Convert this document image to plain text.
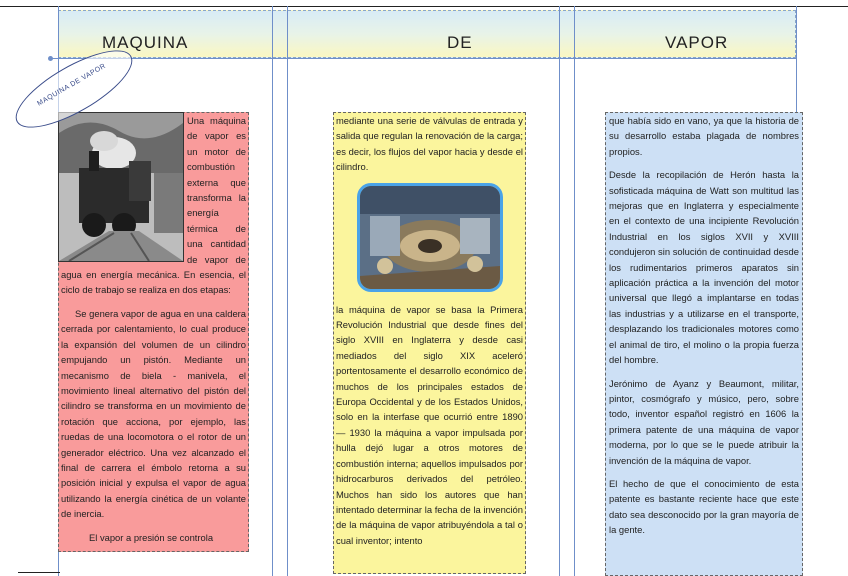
MAQUINA	DE	VAPOR

Una máquina de vapor es un motor de combustión externa que transforma la energía térmica de una cantidad de vapor de agua en energía mecánica. En esencia, el ciclo de trabajo se realiza en dos etapas:

Se genera vapor de agua en una caldera cerrada por calentamiento, lo cual produce la expansión del volumen de un cilindro empujando un pistón. Mediante un mecanismo de biela - manivela, el movimiento lineal alternativo del pistón del cilindro se transforma en un movimiento de rotación que acciona, por ejemplo, las ruedas de una locomotora o el rotor de un generador eléctrico. Una vez alcanzado el final de carrera el émbolo retorna a su posición inicial y expulsa el vapor de agua utilizando la energía cinética de un volante de inercia.

El vapor a presión se controla

MAQUINA DE VAPOR

mediante una serie de válvulas de entrada y salida que regulan la renovación de la carga; es decir, los flujos del vapor hacia y desde el cilindro.

la máquina de vapor se basa la Primera Revolución Industrial que desde fines del siglo XVIII en Inglaterra y desde casi mediados del siglo XIX aceleró portentosamente el desarrollo económico de muchos de los principales estados de Europa Occidental y de los Estados Unidos, solo en la interfase que ocurrió entre 1890 — 1930 la máquina a vapor impulsada por hulla dejó lugar a otros motores de combustión interna; aquellos impulsados por hidrocarburos derivados del petróleo. Muchos han sido los autores que han intentado determinar la fecha de la invención de la máquina de vapor atribuyéndola a tal o cual inventor; intento

que había sido en vano, ya que la historia de su desarrollo estaba plagada de nombres propios.

Desde la recopilación de Herón hasta la sofisticada máquina de Watt son multitud las mejoras que en Inglaterra y especialmente en el contexto de una incipiente Revolución Industrial en los siglos XVII y XVIII condujeron sin solución de continuidad desde los rudimentarios primeros aparatos sin aplicación práctica a la invención del motor universal que llegó a implantarse en todas las industrias y a utilizarse en el transporte, desplazando los tradicionales motores como el animal de tiro, el molino o la propia fuerza del hombre.

Jerónimo de Ayanz y Beaumont, militar, pintor, cosmógrafo y músico, pero, sobre todo, inventor español registró en 1606 la primera patente de una máquina de vapor moderna, por lo que se le puede atribuir la invención de la máquina de vapor.

El hecho de que el conocimiento de esta patente es bastante reciente hace que este dato sea desconocido por la gran mayoría de la gente.
